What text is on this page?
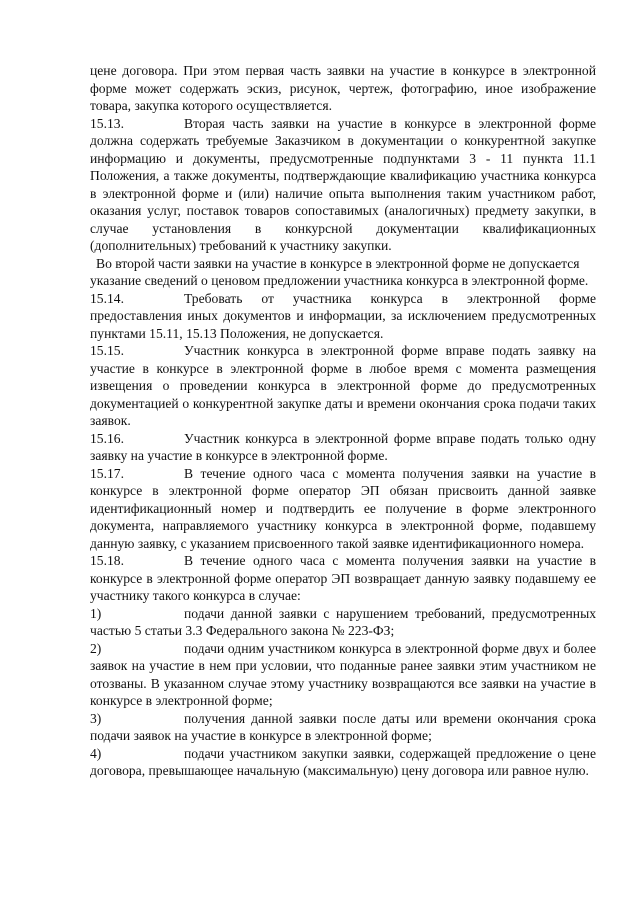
цене договора. При этом первая часть заявки на участие в конкурсе в электронной форме может содержать эскиз, рисунок, чертеж, фотографию, иное изображение товара, закупка которого осуществляется.

15.13.	Вторая часть заявки на участие в конкурсе в электронной форме должна содержать требуемые Заказчиком в документации о конкурентной закупке информацию и документы, предусмотренные подпунктами 3 - 11 пункта 11.1 Положения, а также документы, подтверждающие квалификацию участника конкурса в электронной форме и (или) наличие опыта выполнения таким участником работ, оказания услуг, поставок товаров сопоставимых (аналогичных) предмету закупки, в случае установления в конкурсной документации квалификационных (дополнительных) требований к участнику закупки.

Во второй части заявки на участие в конкурсе в электронной форме не допускается указание сведений о ценовом предложении участника конкурса в электронной форме.

15.14.	Требовать от участника конкурса в электронной форме предоставления иных документов и информации, за исключением предусмотренных пунктами 15.11, 15.13 Положения, не допускается.

15.15.	Участник конкурса в электронной форме вправе подать заявку на участие в конкурсе в электронной форме в любое время с момента размещения извещения о проведении конкурса в электронной форме до предусмотренных документацией о конкурентной закупке даты и времени окончания срока подачи таких заявок.

15.16.	Участник конкурса в электронной форме вправе подать только одну заявку на участие в конкурсе в электронной форме.

15.17.	В течение одного часа с момента получения заявки на участие в конкурсе в электронной форме оператор ЭП обязан присвоить данной заявке идентификационный номер и подтвердить ее получение в форме электронного документа, направляемого участнику конкурса в электронной форме, подавшему данную заявку, с указанием присвоенного такой заявке идентификационного номера.

15.18.	В течение одного часа с момента получения заявки на участие в конкурсе в электронной форме оператор ЭП возвращает данную заявку подавшему ее участнику такого конкурса в случае:

1)	подачи данной заявки с нарушением требований, предусмотренных частью 5 статьи 3.3 Федерального закона № 223-ФЗ;

2)	подачи одним участником конкурса в электронной форме двух и более заявок на участие в нем при условии, что поданные ранее заявки этим участником не отозваны. В указанном случае этому участнику возвращаются все заявки на участие в конкурсе в электронной форме;

3)	получения данной заявки после даты или времени окончания срока подачи заявок на участие в конкурсе в электронной форме;

4)	подачи участником закупки заявки, содержащей предложение о цене договора, превышающее начальную (максимальную) цену договора или равное нулю.
